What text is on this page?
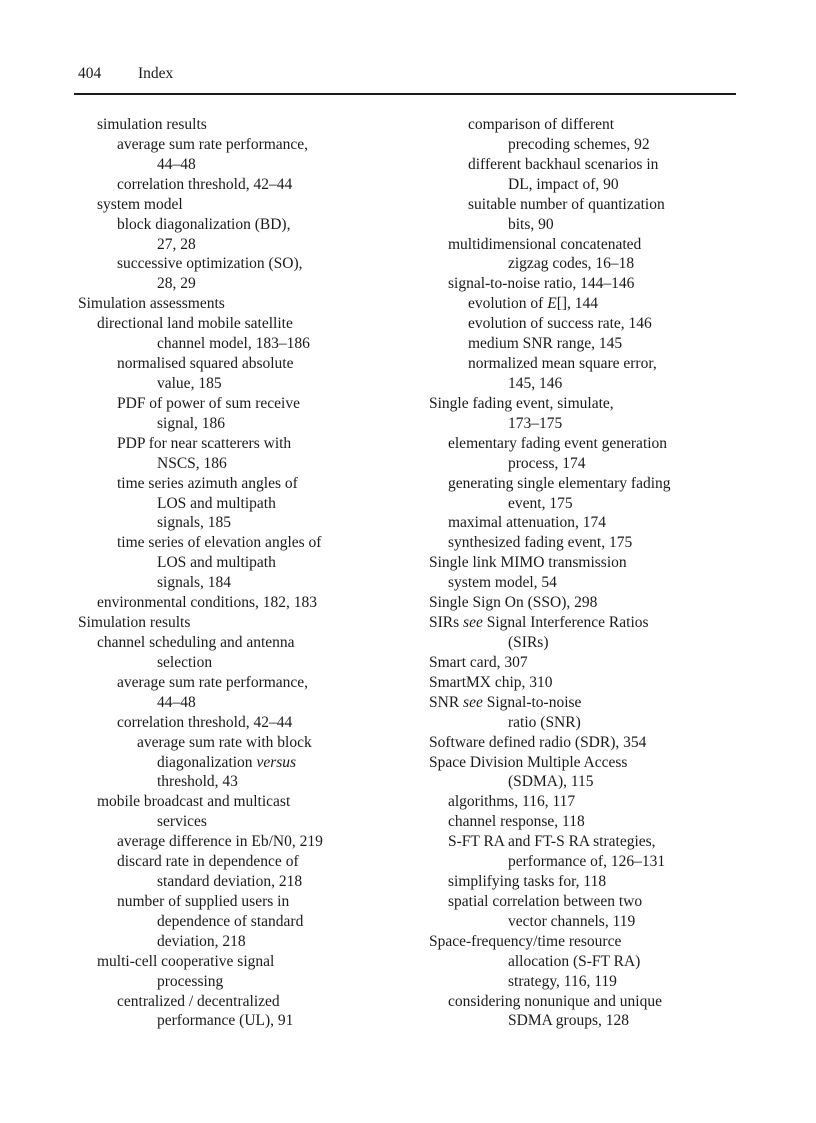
404 Index
simulation results
average sum rate performance,
44–48
correlation threshold, 42–44
system model
block diagonalization (BD),
27, 28
successive optimization (SO),
28, 29
Simulation assessments
directional land mobile satellite
channel model, 183–186
normalised squared absolute
value, 185
PDF of power of sum receive
signal, 186
PDP for near scatterers with
NSCS, 186
time series azimuth angles of
LOS and multipath
signals, 185
time series of elevation angles of
LOS and multipath
signals, 184
environmental conditions, 182, 183
Simulation results
channel scheduling and antenna
selection
average sum rate performance,
44–48
correlation threshold, 42–44
average sum rate with block
diagonalization versus
threshold, 43
mobile broadcast and multicast
services
average difference in Eb/N0, 219
discard rate in dependence of
standard deviation, 218
number of supplied users in
dependence of standard
deviation, 218
multi-cell cooperative signal
processing
centralized / decentralized
performance (UL), 91
comparison of different
precoding schemes, 92
different backhaul scenarios in
DL, impact of, 90
suitable number of quantization
bits, 90
multidimensional concatenated
zigzag codes, 16–18
signal-to-noise ratio, 144–146
evolution of E[], 144
evolution of success rate, 146
medium SNR range, 145
normalized mean square error,
145, 146
Single fading event, simulate,
173–175
elementary fading event generation
process, 174
generating single elementary fading
event, 175
maximal attenuation, 174
synthesized fading event, 175
Single link MIMO transmission
system model, 54
Single Sign On (SSO), 298
SIRs see Signal Interference Ratios
(SIRs)
Smart card, 307
SmartMX chip, 310
SNR see Signal-to-noise
ratio (SNR)
Software defined radio (SDR), 354
Space Division Multiple Access
(SDMA), 115
algorithms, 116, 117
channel response, 118
S-FT RA and FT-S RA strategies,
performance of, 126–131
simplifying tasks for, 118
spatial correlation between two
vector channels, 119
Space-frequency/time resource
allocation (S-FT RA)
strategy, 116, 119
considering nonunique and unique
SDMA groups, 128
